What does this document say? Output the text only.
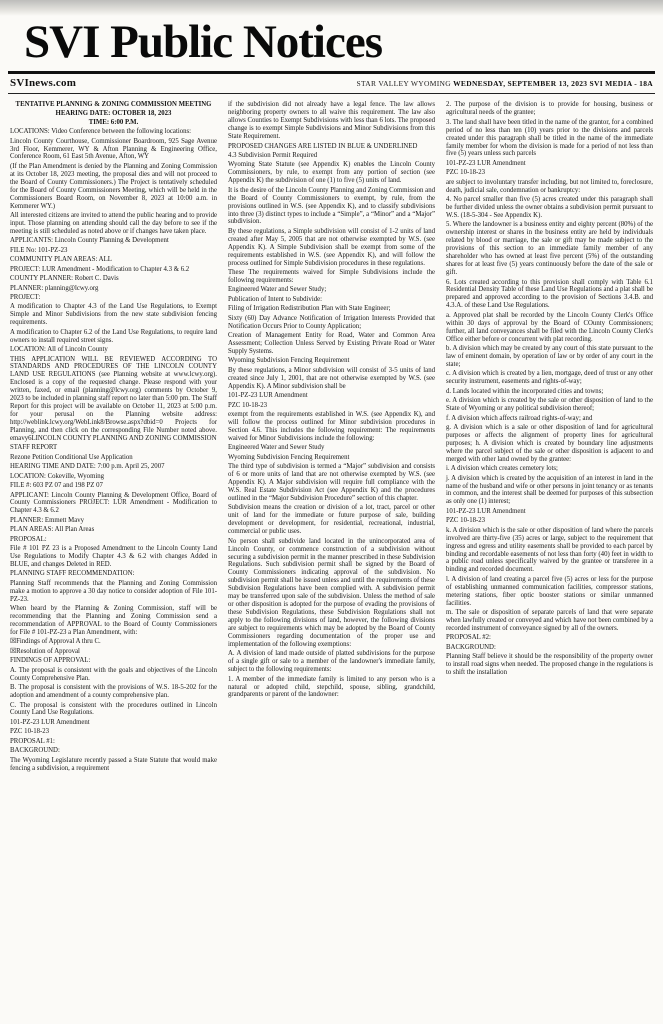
SVI Public Notices
SVInews.com	STAR VALLEY WYOMING WEDNESDAY, SEPTEMBER 13, 2023 SVI MEDIA - 18A

TENTATIVE PLANNING & ZONING COMMISSION MEETING

HEARING DATE: OCTOBER 18, 2023

TIME: 6:00 P.M.

LOCATIONS: Video Conference between the following locations:

Lincoln County Courthouse, Commissioner Boardroom, 925 Sage Avenue 3rd Floor, Kemmerer, WY & Afton Planning & Engineering Office, Conference Room, 61 East 5th Avenue, Afton, WY

(If the Plan Amendment is denied by the Planning and Zoning Commission at its October 18, 2023 meeting, the proposal dies and will not proceed to the Board of County Commissioners.) The Project is tentatively scheduled for the Board of County Commissioners Meeting, which will be held in the Commissioners Board Room, on November 8, 2023 at 10:00 a.m. in Kemmerer WY.)

All interested citizens are invited to attend the public hearing and to provide input. Those planning on attending should call the day before to see if the meeting is still scheduled as noted above or if changes have taken place.

APPLICANTS: Lincoln County Planning & Development

FILE No: 101-PZ-23

COMMUNITY PLAN AREAS: ALL

PROJECT: LUR Amendment - Modification to Chapter 4.3 & 6.2

COUNTY PLANNER: Robert C. Davis

PLANNER: planning@lcwy.org

PROJECT:

A modification to Chapter 4.3 of the Land Use Regulations, to Exempt Simple and Minor Subdivisions from the new state subdivision fencing requirements.

A modification to Chapter 6.2 of the Land Use Regulations, to require land owners to install required street signs.

LOCATION: All of Lincoln County

THIS APPLICATION WILL BE REVIEWED ACCORDING TO STANDARDS AND PROCEDURES OF THE LINCOLN COUNTY LAND USE REGULATIONS (see Planning website at www.lcwy.org). Enclosed is a copy of the requested change. Please respond with your written, faxed, or email (planning@lcwy.org) comments by October 9, 2023 to be included in planning staff report no later than 5:00 pm. The Staff Report for this project will be available on October 11, 2023 at 5:00 p.m. for your perusal on the Planning website address: http://weblink.lcwy.org/WebLink8/Browse.aspx?dbid=0 Projects for Planning, and then click on the corresponding File Number noted above. emavy6LINCOLN COUNTY PLANNING AND ZONING COMMISSION

STAFF REPORT

Rezone Petition Conditional Use Application

HEARING TIME AND DATE: 7:00 p.m. April 25, 2007

LOCATION: Cokeville, Wyoming

FILE #: 603 PZ 07 and 198 PZ 07

APPLICANT: Lincoln County Planning & Development Office, Board of County Commissioners PROJECT: LUR Amendment - Modification to Chapter 4.3 & 6.2

PLANNER: Emmett Mavy

PLAN AREAS: All Plan Areas

PROPOSAL:

File # 101 PZ 23 is a Proposed Amendment to the Lincoln County Land Use Regulations to Modify Chapter 4.3 & 6.2 with changes Added in BLUE, and changes Deleted in RED.

PLANNING STAFF RECOMMENDATION:

Planning Staff recommends that the Planning and Zoning Commission make a motion to approve a 30 day notice to consider adoption of File 101-PZ-23.

When heard by the Planning & Zoning Commission, staff will be recommending that the Planning and Zoning Commission send a recommendation of APPROVAL to the Board of County Commissioners for File # 101-PZ-23 a Plan Amendment, with:

☒Findings of Approval A thru C.

☒Resolution of Approval

FINDINGS OF APPROVAL:

A. The proposal is consistent with the goals and objectives of the Lincoln County Comprehensive Plan.

B. The proposal is consistent with the provisions of W.S. 18-5-202 for the adoption and amendment of a county comprehensive plan.

C. The proposal is consistent with the procedures outlined in Lincoln County Land Use Regulations.

101-PZ-23 LUR Amendment

PZC 10-18-23

PROPOSAL #1:

BACKGROUND:

The Wyoming Legislature recently passed a State Statute that would make fencing a subdivision, a requirement

if the subdivision did not already have a legal fence. The law allows neighboring property owners to all waive this requirement. The law also allows Counties to Exempt Subdivisions with less than 6 lots. The proposed change is to exempt Simple Subdivisions and Minor Subdivisions from this State Requirement.

PROPOSED CHANGES ARE LISTED IN BLUE & UNDERLINED

4.3 Subdivision Permit Required

Wyoming State Statute (see Appendix K) enables the Lincoln County Commissioners, by rule, to exempt from any portion of section (see Appendix K) the subdivision of one (1) to five (5) units of land.

It is the desire of the Lincoln County Planning and Zoning Commission and the Board of County Commissioners to exempt, by rule, from the provisions outlined in W.S. (see Appendix K), and to classify subdivisions into three (3) distinct types to include a “Simple”, a “Minor” and a “Major” subdivision.

By these regulations, a Simple subdivision will consist of 1-2 units of land created after May 5, 2005 that are not otherwise exempted by W.S. (see Appendix K). A Simple Subdivision shall be exempt from some of the requirements established in W.S. (see Appendix K), and will follow the process outlined for Simple Subdivision procedures in these regulations.

These The requirements waived for Simple Subdivisions include the following requirements:

Engineered Water and Sewer Study;

Publication of Intent to Subdivide:

Filing of Irrigation Redistribution Plan with State Engineer;

Sixty (60) Day Advance Notification of Irrigation Interests Provided that Notification Occurs Prior to County Application;

Creation of Management Entity for Road, Water and Common Area Assessment; Collection Unless Served by Existing Private Road or Water Supply Systems.

Wyoming Subdivision Fencing Requirement

By these regulations, a Minor subdivision will consist of 3-5 units of land created since July 1, 2001, that are not otherwise exempted by W.S. (see Appendix K). A Minor subdivision shall be

101-PZ-23 LUR Amendment

PZC 10-18-23

exempt from the requirements established in W.S. (see Appendix K), and will follow the process outlined for Minor subdivision procedures in Section 4.6. This includes the following requirement: The requirements waived for Minor Subdivisions include the following:

Engineered Water and Sewer Study

Wyoming Subdivision Fencing Requirement

The third type of subdivision is termed a “Major” subdivision and consists of 6 or more units of land that are not otherwise exempted by W.S. (see Appendix K). A Major subdivision will require full compliance with the W.S. Real Estate Subdivision Act (see Appendix K) and the procedures outlined in the “Major Subdivision Procedure” section of this chapter.

Subdivision means the creation or division of a lot, tract, parcel or other unit of land for the immediate or future purpose of sale, building development or development, for residential, recreational, industrial, commercial or public uses.

No person shall subdivide land located in the unincorporated area of Lincoln County, or commence construction of a subdivision without securing a subdivision permit in the manner prescribed in these Subdivision Regulations. Such subdivision permit shall be signed by the Board of County Commissioners indicating approval of the subdivision. No subdivision permit shall be issued unless and until the requirements of these Subdivision Regulations have been complied with. A subdivision permit may be transferred upon sale of the subdivision. Unless the method of sale or other disposition is adopted for the purpose of evading the provisions of these Subdivision Regulations, these Subdivision Regulations shall not apply to the following divisions of land, however, the following divisions are subject to requirements which may be adopted by the Board of County Commissioners regarding documentation of the proper use and implementation of the following exemptions:

A. A division of land made outside of platted subdivisions for the purpose of a single gift or sale to a member of the landowner's immediate family, subject to the following requirements:

1. A member of the immediate family is limited to any person who is a natural or adopted child, stepchild, spouse, sibling, grandchild, grandparents or parent of the landowner:

2. The purpose of the division is to provide for housing, business or agricultural needs of the grantee;

3. The land shall have been titled in the name of the grantor, for a combined period of no less than ten (10) years prior to the divisions and parcels created under this paragraph shall be titled in the name of the immediate family member for whom the division is made for a period of not less than five (5) years unless such parcels

101-PZ-23 LUR Amendment

PZC 10-18-23

are subject to involuntary transfer including, but not limited to, foreclosure, death, judicial sale, condemnation or bankruptcy:

4. No parcel smaller than five (5) acres created under this paragraph shall be further divided unless the owner obtains a subdivision permit pursuant to W.S. (18-5-304 - See Appendix K).

5. Where the landowner is a business entity and eighty percent (80%) of the ownership interest or shares in the business entity are held by individuals related by blood or marriage, the sale or gift may be made subject to the provisions of this section to an immediate family member of any shareholder who has owned at least five percent (5%) of the outstanding shares for at least five (5) years continuously before the date of the sale or gift.

6. Lots created according to this provision shall comply with Table 6.1 Residential Density Table of these Land Use Regulations and a plat shall be prepared and approved according to the provision of Sections 3.4.B. and 4.3.A. of these Land Use Regulations.

a. Approved plat shall be recorded by the Lincoln County Clerk's Office within 30 days of approval by the Board of COunty Commissioners; further, all land conveyances shall be filed with the Lincoln County Clerk's Office either before or concurrent with plat recording.

b. A division which may be created by any court of this state pursuant to the law of eminent domain, by operation of law or by order of any court in the state;

c. A division which is created by a lien, mortgage, deed of trust or any other security instrument, easements and rights-of-way;

d. Lands located within the incorporated cities and towns;

e. A division which is created by the sale or other disposition of land to the State of Wyoming or any political subdivision thereof;

f. A division which affects railroad rights-of-way; and

g. A division which is a sale or other disposition of land for agricultural purposes or affects the alignment of property lines for agricultural purposes; h. A division which is created by boundary line adjustments where the parcel subject of the sale or other disposition is adjacent to and merged with other land owned by the grantee:

i. A division which creates cemetery lots;

j. A division which is created by the acquisition of an interest in land in the name of the husband and wife or other persons in joint tenancy or as tenants in common, and the interest shall be deemed for purposes of this subsection as only one (1) interest;

101-PZ-23 LUR Amendment

PZC 10-18-23

k. A division which is the sale or other disposition of land where the parcels involved are thirty-five (35) acres or large, subject to the requirement that ingress and egress and utility easements shall be provided to each parcel by binding and recordable easements of not less than forty (40) feet in width to a public road unless specifically waived by the grantee or transferee in a binding and recorded document.

l. A division of land creating a parcel five (5) acres or less for the purpose of establishing unmanned communication facilities, compressor stations, metering stations, fiber optic booster stations or similar unmanned facilities.

m. The sale or disposition of separate parcels of land that were separate when lawfully created or conveyed and which have not been combined by a recorded instrument of conveyance signed by all of the owners.

PROPOSAL #2:

BACKGROUND:

Planning Staff believe it should be the responsibility of the property owner to install road signs when needed. The proposed change in the regulations is to shift the installation
